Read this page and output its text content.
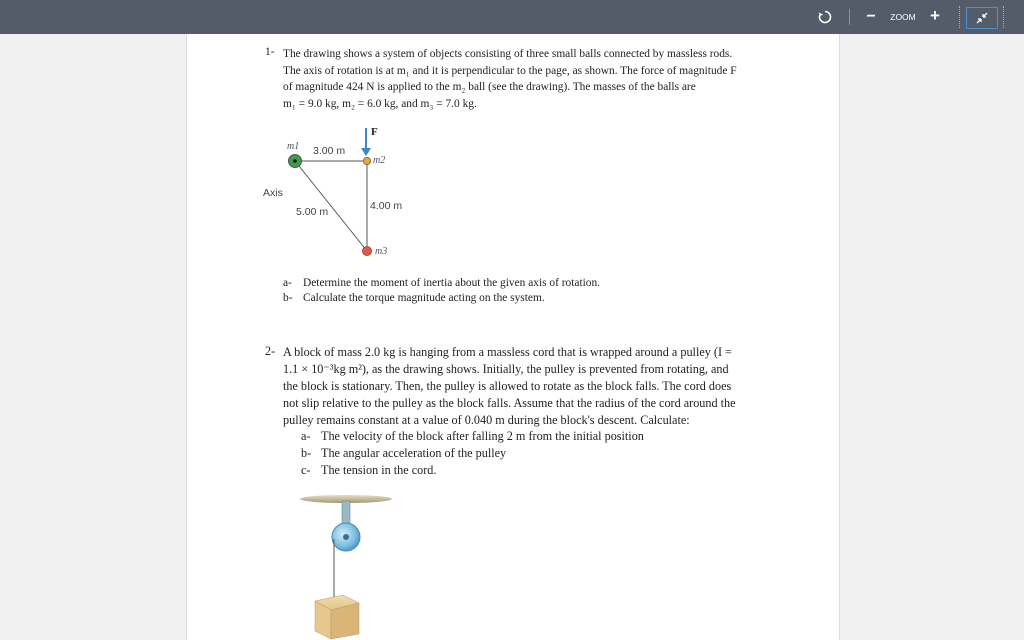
−	ZOOM +
1- The drawing shows a system of objects consisting of three small balls connected by massless rods.
The axis of rotation is at m₁ and it is perpendicular to the page, as shown. The force of magnitude F
of magnitude 424 N is applied to the m₂ ball (see the drawing). The masses of the balls are
m₁ = 9.0 kg, m₂ = 6.0 kg, and m₃ = 7.0 kg.
m1 3.00 m
F
m2
Axis
4.00 m
5.00 m
m3
a- Determine the moment of inertia about the given axis of rotation.
b- Calculate the torque magnitude acting on the system.
2- A block of mass 2.0 kg is hanging from a massless cord that is wrapped around a pulley (I =
1.1 × 10⁻³kg m²), as the drawing shows. Initially, the pulley is prevented from rotating, and
the block is stationary. Then, the pulley is allowed to rotate as the block falls. The cord does
not slip relative to the pulley as the block falls. Assume that the radius of the cord around the
pulley remains constant at a value of 0.040 m during the block's descent. Calculate:
a- The velocity of the block after falling 2 m from the initial position
b- The angular acceleration of the pulley
c- The tension in the cord.
